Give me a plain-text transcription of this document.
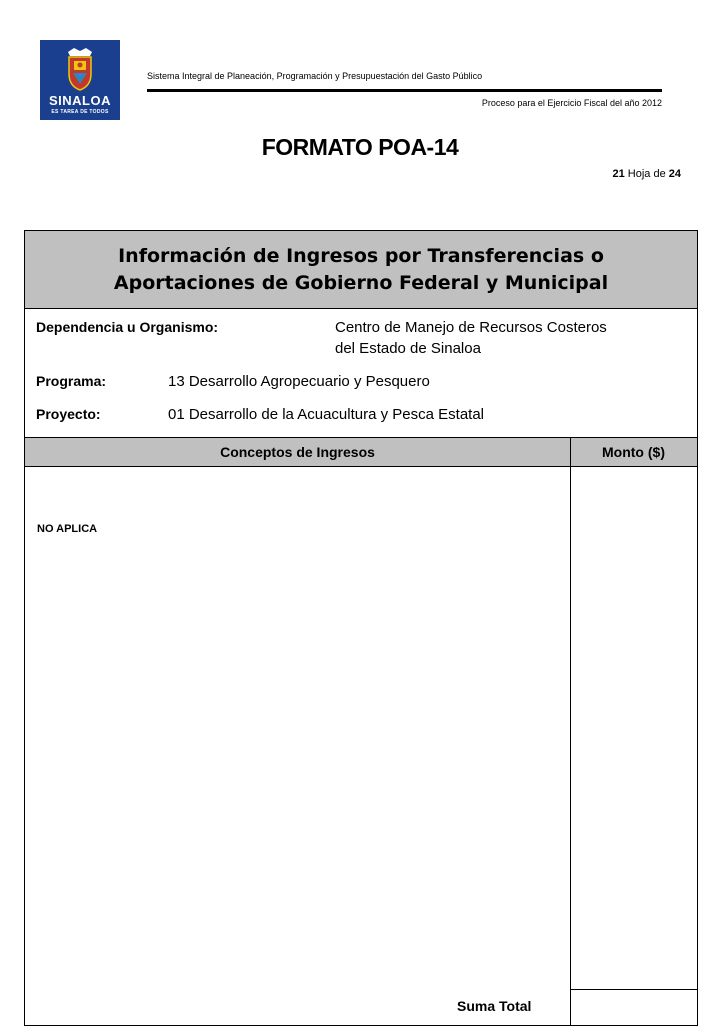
SINALOA
ES TAREA DE TODOS
Sistema Integral de Planeación, Programación y Presupuestación del Gasto Público
Proceso para el Ejercicio Fiscal del año 2012
FORMATO POA-14
21 Hoja de 24
Información de Ingresos por Transferencias o
Aportaciones de Gobierno Federal y Municipal
Dependencia u Organismo:	Centro de Manejo de Recursos Costeros
del Estado de Sinaloa
Programa:	13 Desarrollo Agropecuario y Pesquero
Proyecto:	01 Desarrollo de la Acuacultura y Pesca Estatal
Conceptos de Ingresos	Monto ($)
NO APLICA
Suma Total
